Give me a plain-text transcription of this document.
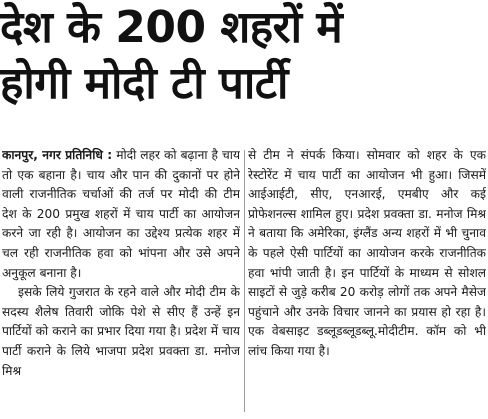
देश के 200 शहरों में
होगी मोदी टी पार्टी

कानपुर, नगर प्रतिनिधि : मोदी लहर को बढ़ाना है चाय तो एक बहाना है। चाय और पान की दुकानों पर होने वाली राजनीतिक चर्चाओं की तर्ज पर मोदी की टीम देश के 200 प्रमुख शहरों में चाय पार्टी का आयोजन करने जा रही है। आयोजन का उद्देश्य प्रत्येक शहर में चल रही राजनीतिक हवा को भांपना और उसे अपने अनुकूल बनाना है।

इसके लिये गुजरात के रहने वाले और मोदी टीम के सदस्य शैलेष तिवारी जोकि पेशे से सीए हैं उन्हें इन पार्टियों को कराने का प्रभार दिया गया है। प्रदेश में चाय पार्टी कराने के लिये भाजपा प्रदेश प्रवक्ता डा. मनोज मिश्र

से टीम ने संपर्क किया। सोमवार को शहर के एक रेस्टोरेंट में चाय पार्टी का आयोजन भी हुआ। जिसमें आईआईटी, सीए, एनआरई, एमबीए और कई प्रोफेशनल्स शामिल हुए। प्रदेश प्रवक्ता डा. मनोज मिश्र ने बताया कि अमेरिका, इंग्लैंड अन्य शहरों में भी चुनाव के पहले ऐसी पार्टियों का आयोजन करके राजनीतिक हवा भांपी जाती है। इन पार्टियों के माध्यम से सोशल साइटों से जुड़े करीब 20 करोड़ लोगों तक अपने मैसेज पहुंचाने और उनके विचार जानने का प्रयास हो रहा है। एक वेबसाइट डब्लूडब्लूडब्लू.मोदीटीम. कॉम को भी लांच किया गया है।
